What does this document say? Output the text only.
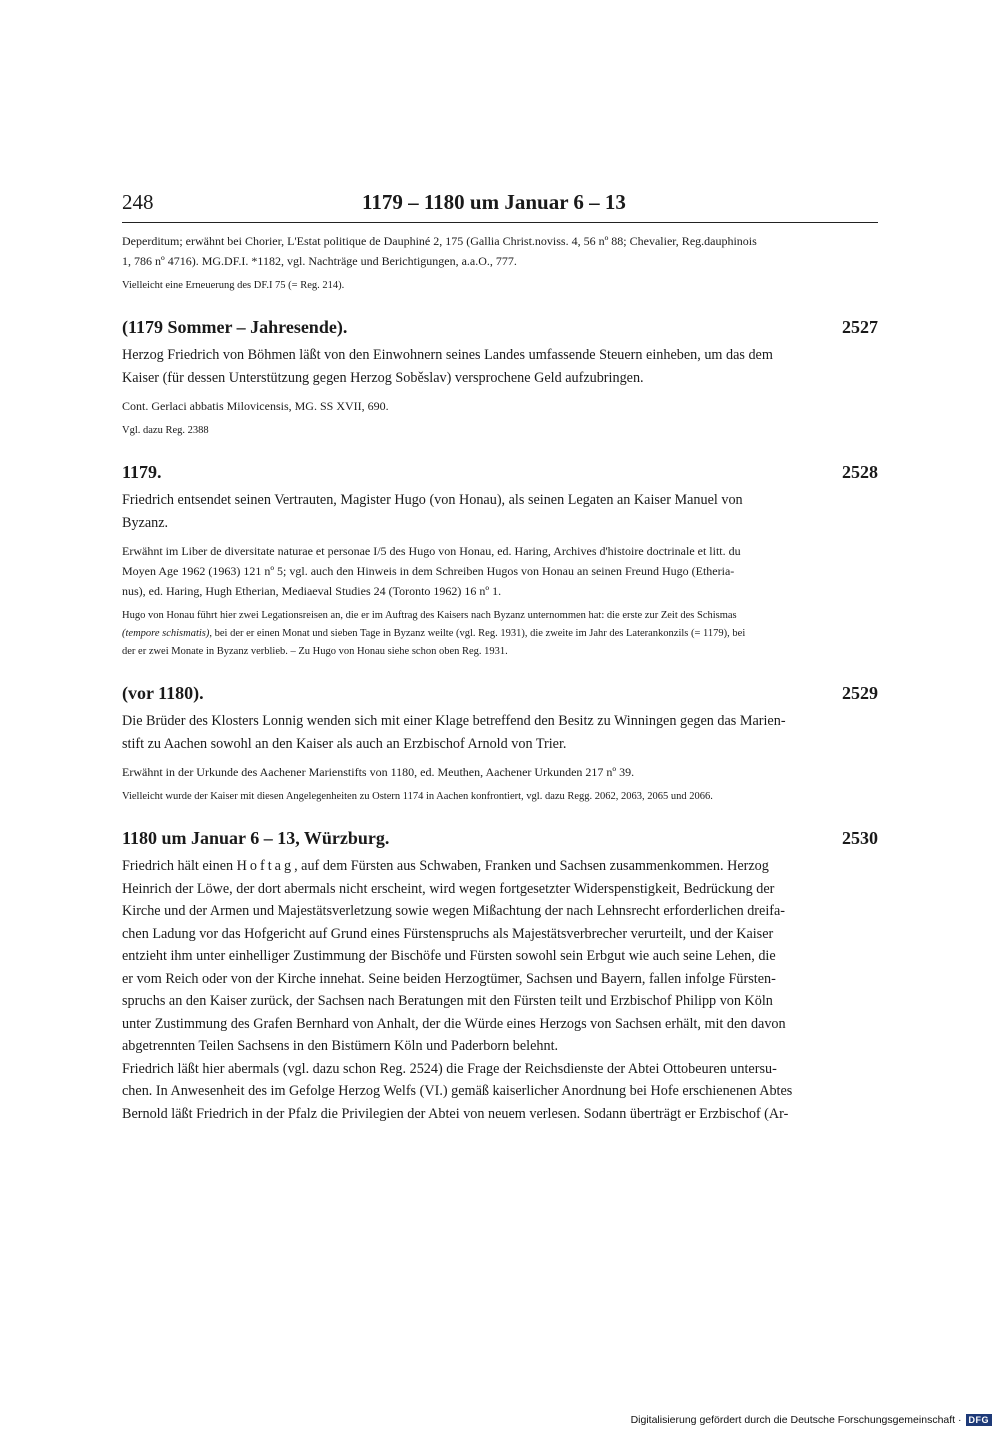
248	1179 – 1180 um Januar 6 – 13

Deperditum; erwähnt bei Chorier, L'Estat politique de Dauphiné 2, 175 (Gallia Christ.noviss. 4, 56 nº 88; Chevalier, Reg.dauphinois

1, 786 nº 4716). MG.DF.I. *1182, vgl. Nachträge und Berichtigungen, a.a.O., 777.

Vielleicht eine Erneuerung des DF.I 75 (= Reg. 214).

(1179 Sommer – Jahresende).	2527

Herzog Friedrich von Böhmen läßt von den Einwohnern seines Landes umfassende Steuern einheben, um das dem

Kaiser (für dessen Unterstützung gegen Herzog Soběslav) versprochene Geld aufzubringen.

Cont. Gerlaci abbatis Milovicensis, MG. SS XVII, 690.

Vgl. dazu Reg. 2388

1179.	2528

Friedrich entsendet seinen Vertrauten, Magister Hugo (von Honau), als seinen Legaten an Kaiser Manuel von

Byzanz.

Erwähnt im Liber de diversitate naturae et personae I/5 des Hugo von Honau, ed. Haring, Archives d'histoire doctrinale et litt. du

Moyen Age 1962 (1963) 121 nº 5; vgl. auch den Hinweis in dem Schreiben Hugos von Honau an seinen Freund Hugo (Etheria-

nus), ed. Haring, Hugh Etherian, Mediaeval Studies 24 (Toronto 1962) 16 nº 1.

Hugo von Honau führt hier zwei Legationsreisen an, die er im Auftrag des Kaisers nach Byzanz unternommen hat: die erste zur Zeit des Schismas

(tempore schismatis), bei der er einen Monat und sieben Tage in Byzanz weilte (vgl. Reg. 1931), die zweite im Jahr des Laterankonzils (= 1179), bei

der er zwei Monate in Byzanz verblieb. – Zu Hugo von Honau siehe schon oben Reg. 1931.

(vor 1180).	2529

Die Brüder des Klosters Lonnig wenden sich mit einer Klage betreffend den Besitz zu Winningen gegen das Marien-

stift zu Aachen sowohl an den Kaiser als auch an Erzbischof Arnold von Trier.

Erwähnt in der Urkunde des Aachener Marienstifts von 1180, ed. Meuthen, Aachener Urkunden 217 nº 39.

Vielleicht wurde der Kaiser mit diesen Angelegenheiten zu Ostern 1174 in Aachen konfrontiert, vgl. dazu Regg. 2062, 2063, 2065 und 2066.

1180 um Januar 6 – 13, Würzburg.	2530

Friedrich hält einen Hoftag, auf dem Fürsten aus Schwaben, Franken und Sachsen zusammenkommen. Herzog

Heinrich der Löwe, der dort abermals nicht erscheint, wird wegen fortgesetzter Widerspenstigkeit, Bedrückung der

Kirche und der Armen und Majestätsverletzung sowie wegen Mißachtung der nach Lehnsrecht erforderlichen dreifa-

chen Ladung vor das Hofgericht auf Grund eines Fürstenspruchs als Majestätsverbrecher verurteilt, und der Kaiser

entzieht ihm unter einhelliger Zustimmung der Bischöfe und Fürsten sowohl sein Erbgut wie auch seine Lehen, die

er vom Reich oder von der Kirche innehat. Seine beiden Herzogtümer, Sachsen und Bayern, fallen infolge Fürsten-

spruchs an den Kaiser zurück, der Sachsen nach Beratungen mit den Fürsten teilt und Erzbischof Philipp von Köln

unter Zustimmung des Grafen Bernhard von Anhalt, der die Würde eines Herzogs von Sachsen erhält, mit den davon

abgetrennten Teilen Sachsens in den Bistümern Köln und Paderborn belehnt.

Friedrich läßt hier abermals (vgl. dazu schon Reg. 2524) die Frage der Reichsdienste der Abtei Ottobeuren untersu-

chen. In Anwesenheit des im Gefolge Herzog Welfs (VI.) gemäß kaiserlicher Anordnung bei Hofe erschienenen Abtes

Bernold läßt Friedrich in der Pfalz die Privilegien der Abtei von neuem verlesen. Sodann überträgt er Erzbischof (Ar-

Digitalisierung gefördert durch die Deutsche Forschungsgemeinschaft · DFG
